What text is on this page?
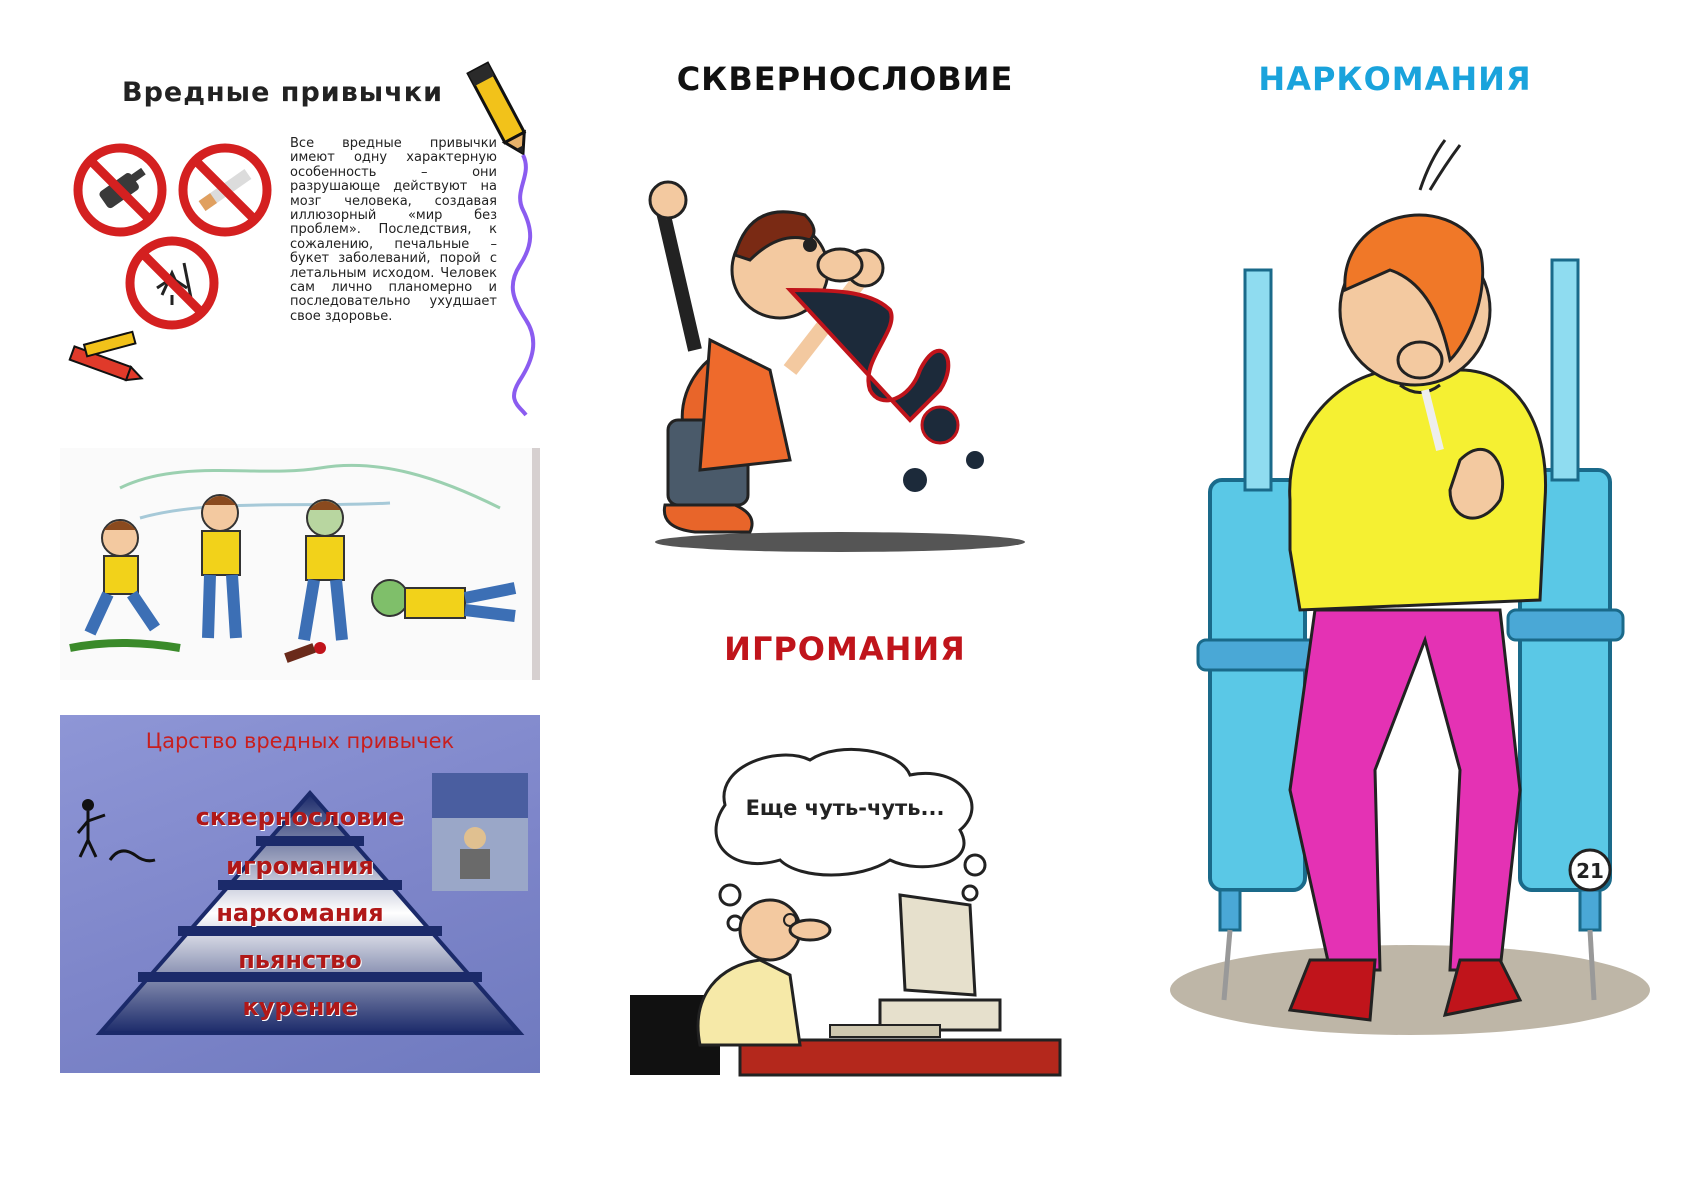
Вредные привычки
Все вредные привычки имеют одну характерную особенность – они разрушающе действуют на мозг человека, создавая иллюзорный «мир без проблем». Последствия, к сожалению, печальные – букет заболеваний, порой с летальным исходом. Человек сам лично планомерно и последовательно ухудшает свое здоровье.
Царство вредных привычек
сквернословие
игромания
наркомания
пьянство
курение
СКВЕРНОСЛОВИЕ	НАРКОМАНИЯ
ИГРОМАНИЯ
Еще чуть-чуть...
21
